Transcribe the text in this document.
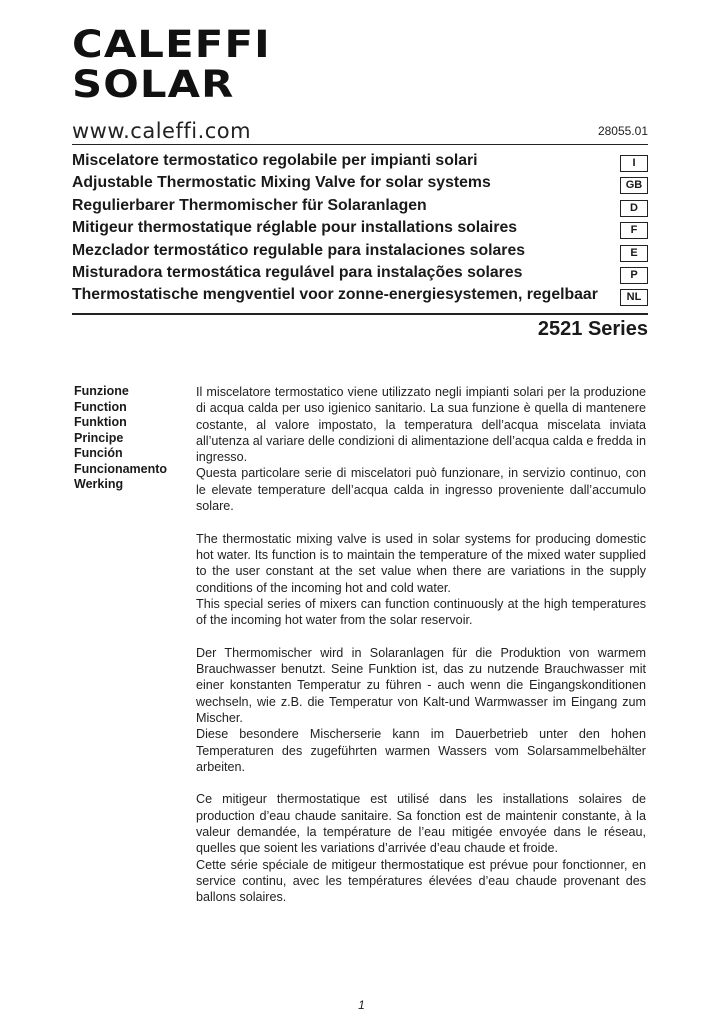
CALEFFI
SOLAR
www.caleffi.com	28055.01
Miscelatore termostatico regolabile per impianti solari	I
Adjustable Thermostatic Mixing Valve for solar systems	GB
Regulierbarer Thermomischer für Solaranlagen	D
Mitigeur thermostatique réglable pour installations solaires	F
Mezclador termostático regulable para instalaciones solares	E
Misturadora termostática regulável para instalações solares	P
Thermostatische mengventiel voor zonne-energiesystemen, regelbaar	NL
2521 Series
Funzione
Function
Funktion
Principe
Función
Funcionamento
Werking

Il miscelatore termostatico viene utilizzato negli impianti solari per la produzione di acqua calda per uso igienico sanitario. La sua funzione è quella di mantenere costante, al valore impostato, la temperatura dell’acqua miscelata inviata all’utenza al variare delle condizioni di alimentazione dell’acqua calda e fredda in ingresso.

Questa particolare serie di miscelatori può funzionare, in servizio continuo, con le elevate temperature dell’acqua calda in ingresso proveniente dall’accumulo solare.

The thermostatic mixing valve is used in solar systems for producing domestic hot water. Its function is to maintain the temperature of the mixed water supplied to the user constant at the set value when there are variations in the supply conditions of the incoming hot and cold water.

This special series of mixers can function continuously at the high temperatures of the incoming hot water from the solar reservoir.

Der Thermomischer wird in Solaranlagen für die Produktion von warmem Brauchwasser benutzt. Seine Funktion ist, das zu nutzende Brauchwasser mit einer konstanten Temperatur zu führen - auch wenn die Eingangskonditionen wechseln, wie z.B. die Temperatur von Kalt-und Warmwasser im Eingang zum Mischer.

Diese besondere Mischerserie kann im Dauerbetrieb unter den hohen Temperaturen des zugeführten warmen Wassers vom Solarsammelbehälter arbeiten.

Ce mitigeur thermostatique est utilisé dans les installations solaires de production d’eau chaude sanitaire. Sa fonction est de maintenir constante, à la valeur demandée, la température de l’eau mitigée envoyée dans le réseau, quelles que soient les variations d’arrivée d’eau chaude et froide.

Cette série spéciale de mitigeur thermostatique est prévue pour fonctionner, en service continu, avec les températures élevées d’eau chaude provenant des ballons solaires.

1
